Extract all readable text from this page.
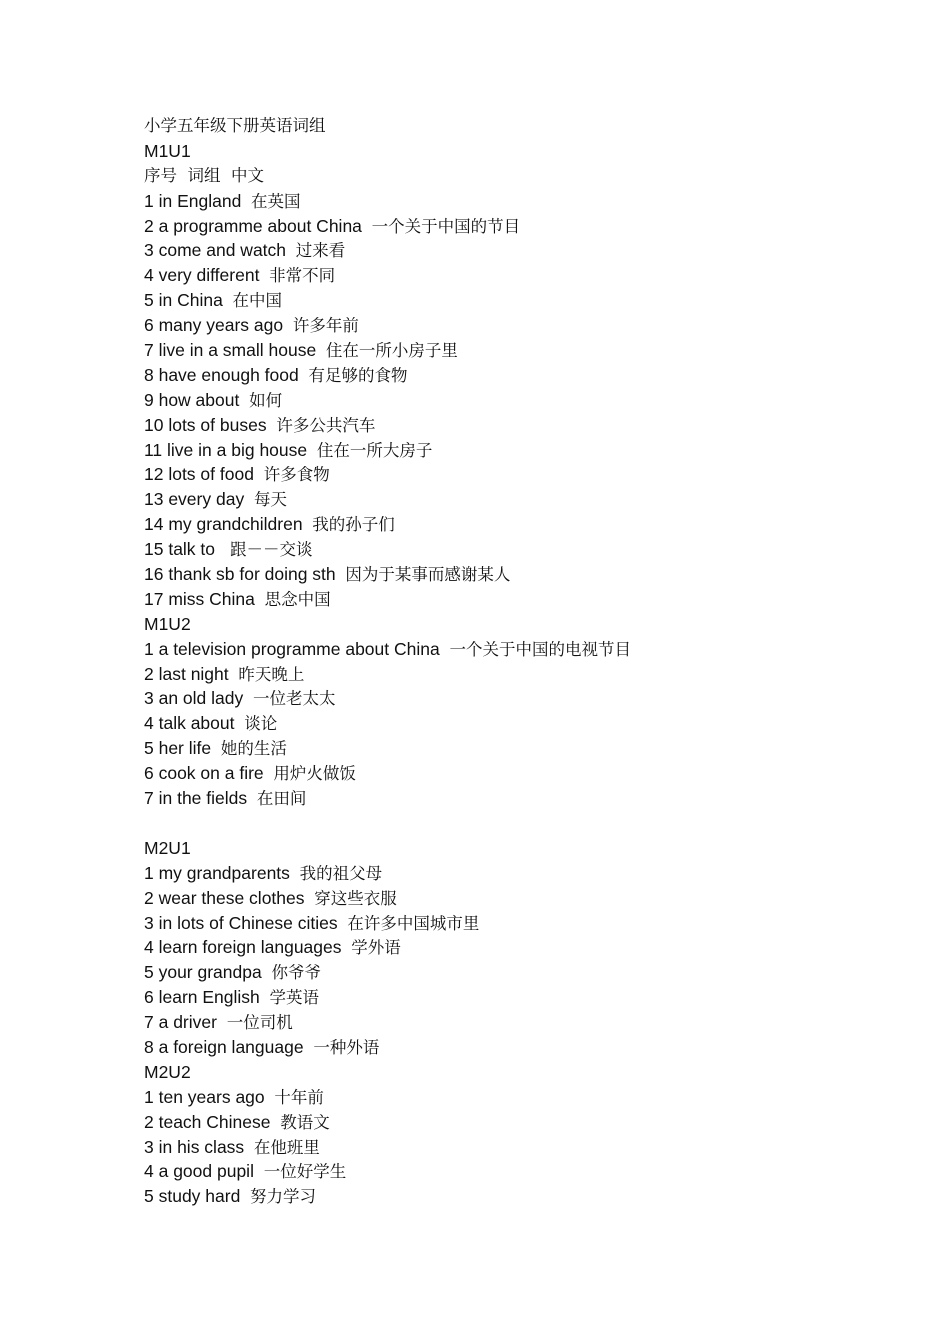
小学五年级下册英语词组
M1U1
序号  词组  中文
1 in England 在英国
2 a programme about China 一个关于中国的节目
3 come and watch 过来看
4 very different 非常不同
5 in China 在中国
6 many years ago 许多年前
7 live in a small house 住在一所小房子里
8 have enough food 有足够的食物
9 how about 如何
10 lots of buses 许多公共汽车
11 live in a big house 住在一所大房子
12 lots of food 许多食物
13 every day 每天
14 my grandchildren 我的孙子们
15 talk to   跟－－交谈
16 thank sb for doing sth 因为于某事而感谢某人
17 miss China 思念中国
M1U2
1 a television programme about China 一个关于中国的电视节目
2 last night 昨天晚上
3 an old lady 一位老太太
4 talk about 谈论
5 her life 她的生活
6 cook on a fire 用炉火做饭
7 in the fields 在田间
M2U1
1 my grandparents 我的祖父母
2 wear these clothes 穿这些衣服
3 in lots of Chinese cities 在许多中国城市里
4 learn foreign languages 学外语
5 your grandpa 你爷爷
6 learn English 学英语
7 a driver 一位司机
8 a foreign language 一种外语
M2U2
1 ten years ago 十年前
2 teach Chinese 教语文
3 in his class 在他班里
4 a good pupil 一位好学生
5 study hard 努力学习
